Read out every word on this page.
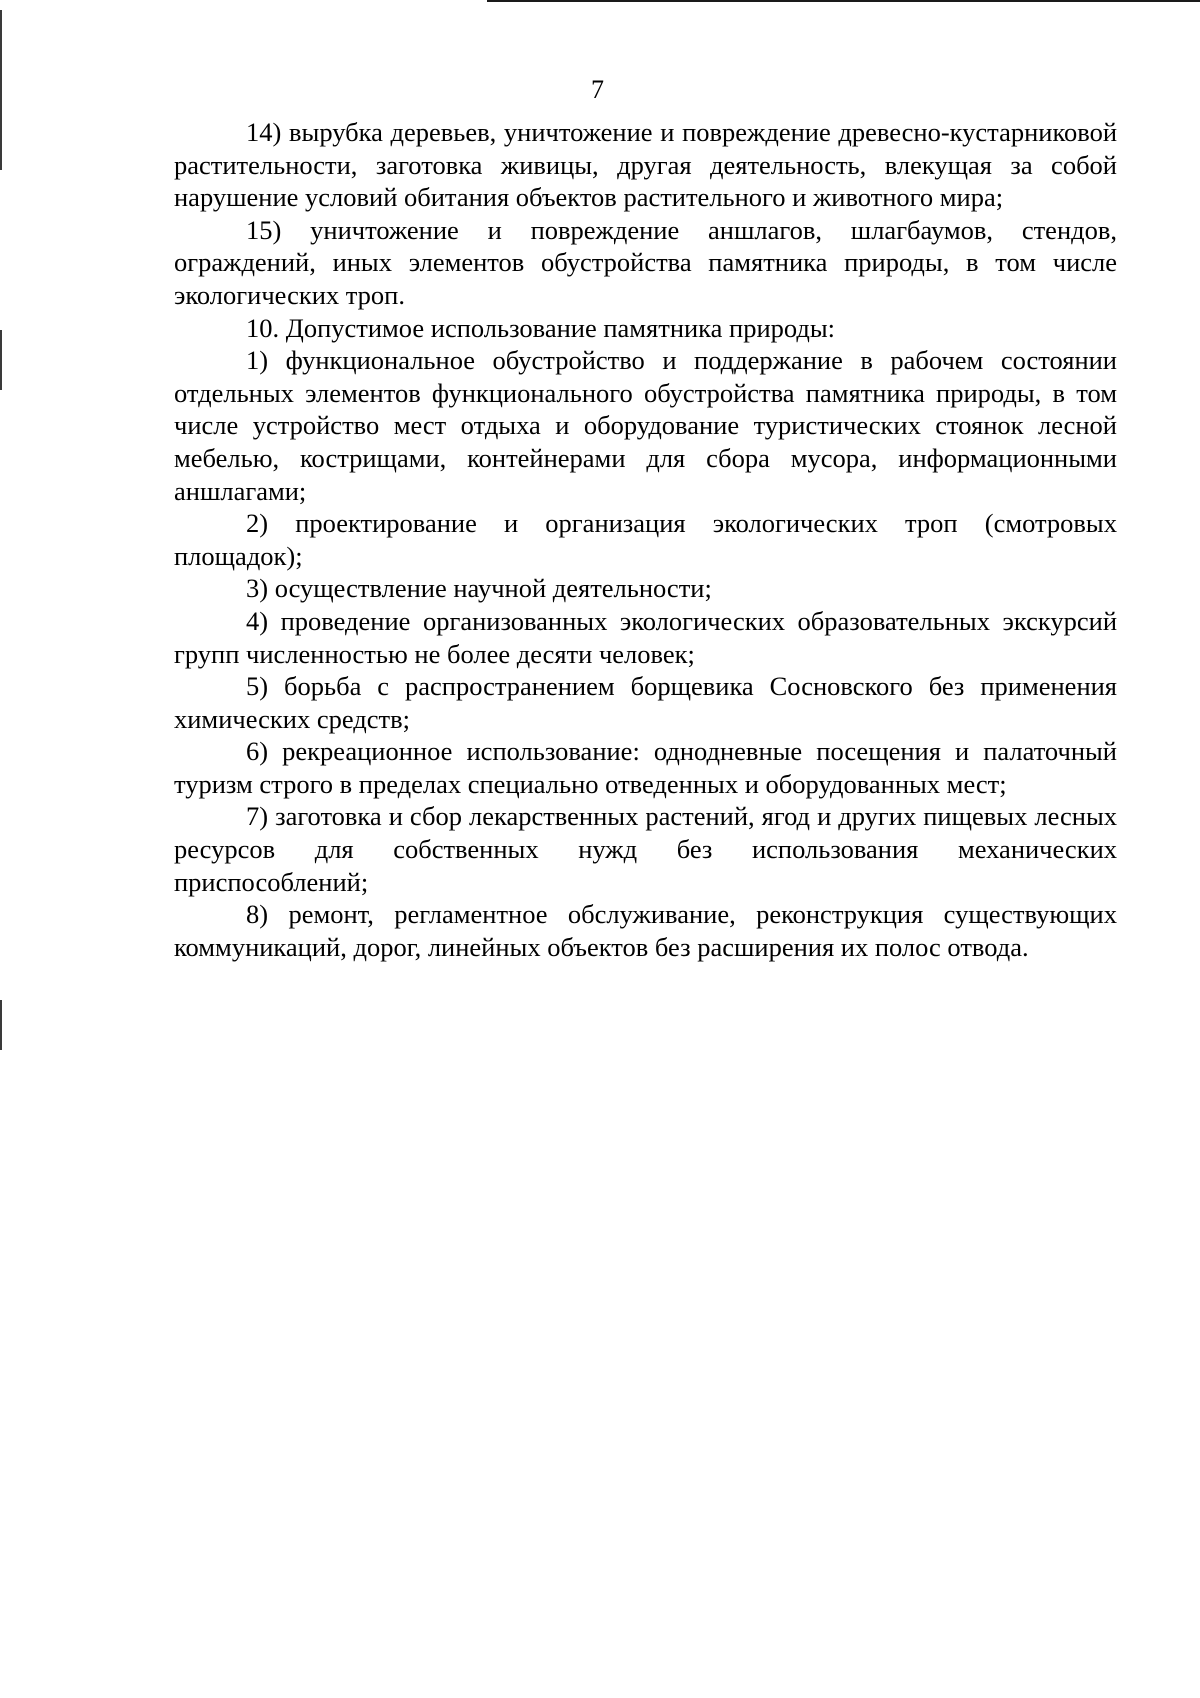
7

14) вырубка деревьев, уничтожение и повреждение древесно-кустарниковой растительности, заготовка живицы, другая деятельность, влекущая за собой нарушение условий обитания объектов растительного и животного мира;

15) уничтожение и повреждение аншлагов, шлагбаумов, стендов, ограждений, иных элементов обустройства памятника природы, в том числе экологических троп.

10. Допустимое использование памятника природы:

1) функциональное обустройство и поддержание в рабочем состоянии отдельных элементов функционального обустройства памятника природы, в том числе устройство мест отдыха и оборудование туристических стоянок лесной мебелью, кострищами, контейнерами для сбора мусора, информационными аншлагами;

2) проектирование и организация экологических троп (смотровых площадок);

3) осуществление научной деятельности;

4) проведение организованных экологических образовательных экскурсий групп численностью не более десяти человек;

5) борьба с распространением борщевика Сосновского без применения химических средств;

6) рекреационное использование: однодневные посещения и палаточный туризм строго в пределах специально отведенных и оборудованных мест;

7) заготовка и сбор лекарственных растений, ягод и других пищевых лесных ресурсов для собственных нужд без использования механических приспособлений;

8) ремонт, регламентное обслуживание, реконструкция существующих коммуникаций, дорог, линейных объектов без расширения их полос отвода.
